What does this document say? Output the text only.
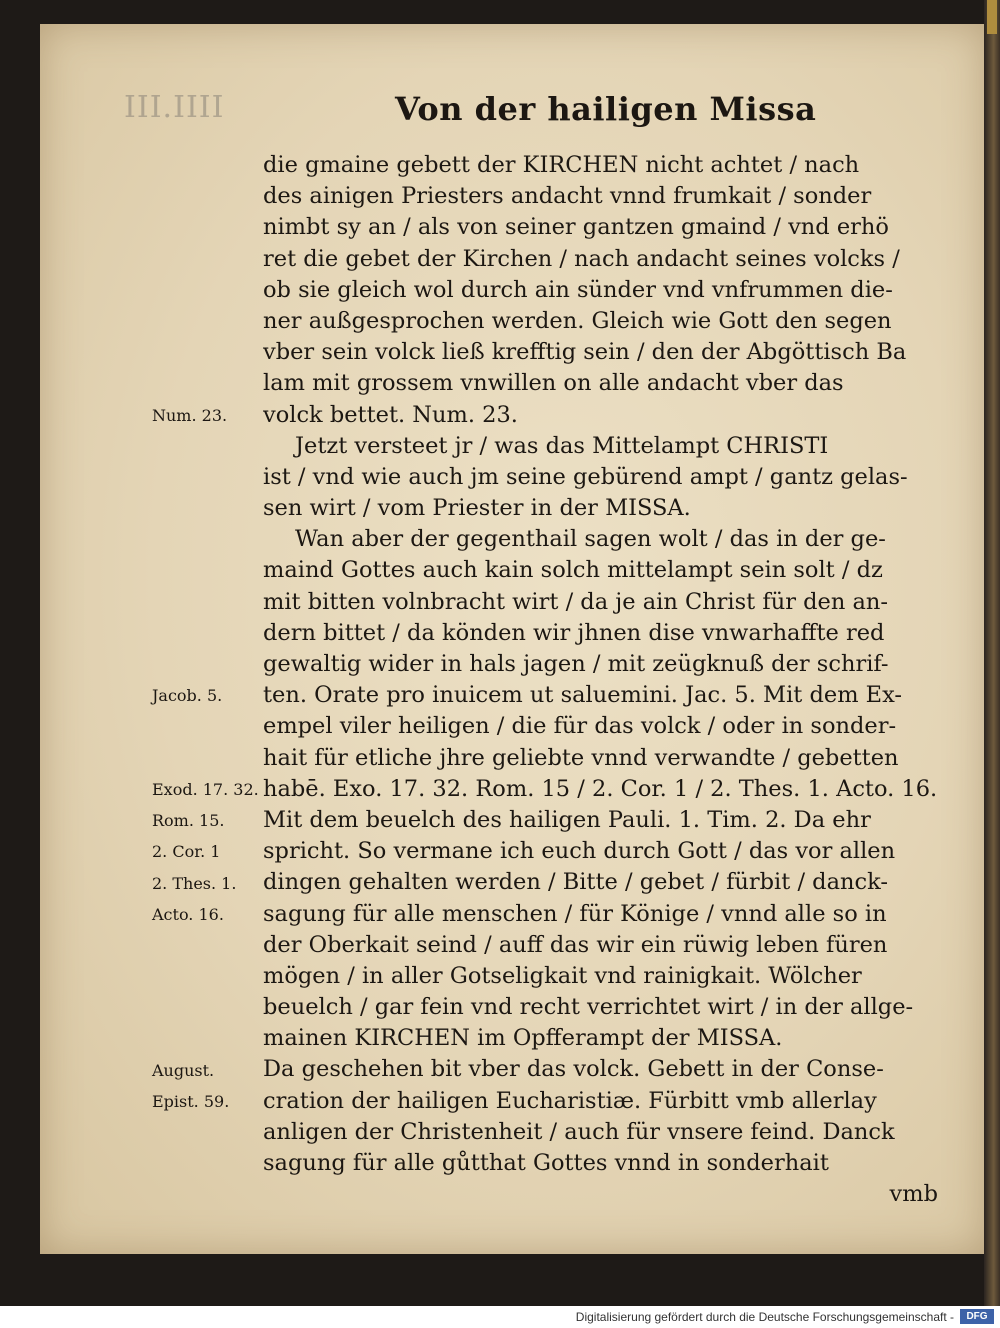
III.IIII	Von der hailigen Missa
die gmaine gebett der KIRCHEN nicht achtet / nach
des ainigen Priesters andacht vnnd frumkait / sonder
nimbt sy an / als von seiner gantzen gmaind / vnd erhö
ret die gebet der Kirchen / nach andacht seines volcks /
ob sie gleich wol durch ain sünder vnd vnfrummen die-
ner außgesprochen werden. Gleich wie Gott den segen
vber sein volck ließ krefftig sein / den der Abgöttisch Ba
lam mit grossem vnwillen on alle andacht vber das
volck bettet. Num. 23.
Jetzt versteet jr / was das Mittelampt CHRISTI
ist / vnd wie auch jm seine gebürend ampt / gantz gelas-
sen wirt / vom Priester in der MISSA.
Wan aber der gegenthail sagen wolt / das in der ge-
maind Gottes auch kain solch mittelampt sein solt / dz
mit bitten volnbracht wirt / da je ain Christ für den an-
dern bittet / da könden wir jhnen dise vnwarhaffte red
gewaltig wider in hals jagen / mit zeügknuß der schrif-
ten. Orate pro inuicem ut saluemini. Jac. 5. Mit dem Ex-
empel viler heiligen / die für das volck / oder in sonder-
hait für etliche jhre geliebte vnnd verwandte / gebetten
habē. Exo. 17. 32. Rom. 15 / 2. Cor. 1 / 2. Thes. 1. Acto. 16.
Mit dem beuelch des hailigen Pauli. 1. Tim. 2. Da ehr
spricht. So vermane ich euch durch Gott / das vor allen
dingen gehalten werden / Bitte / gebet / fürbit / danck-
sagung für alle menschen / für Könige / vnnd alle so in
der Oberkait seind / auff das wir ein rüwig leben füren
mögen / in aller Gotseligkait vnd rainigkait. Wölcher
beuelch / gar fein vnd recht verrichtet wirt / in der allge-
mainen KIRCHEN im Opfferampt der MISSA.
Da geschehen bit vber das volck. Gebett in der Conse-
cration der hailigen Eucharistiæ. Fürbitt vmb allerlay
anligen der Christenheit / auch für vnsere feind. Danck
sagung für alle gůtthat Gottes vnnd in sonderhait
vmb
Num. 23.
Jacob. 5.
Exod. 17. 32.
Rom. 15.
2. Cor. 1
2. Thes. 1.
Acto. 16.
August.
Epist. 59.
Digitalisierung gefördert durch die Deutsche Forschungsgemeinschaft -	DFG
